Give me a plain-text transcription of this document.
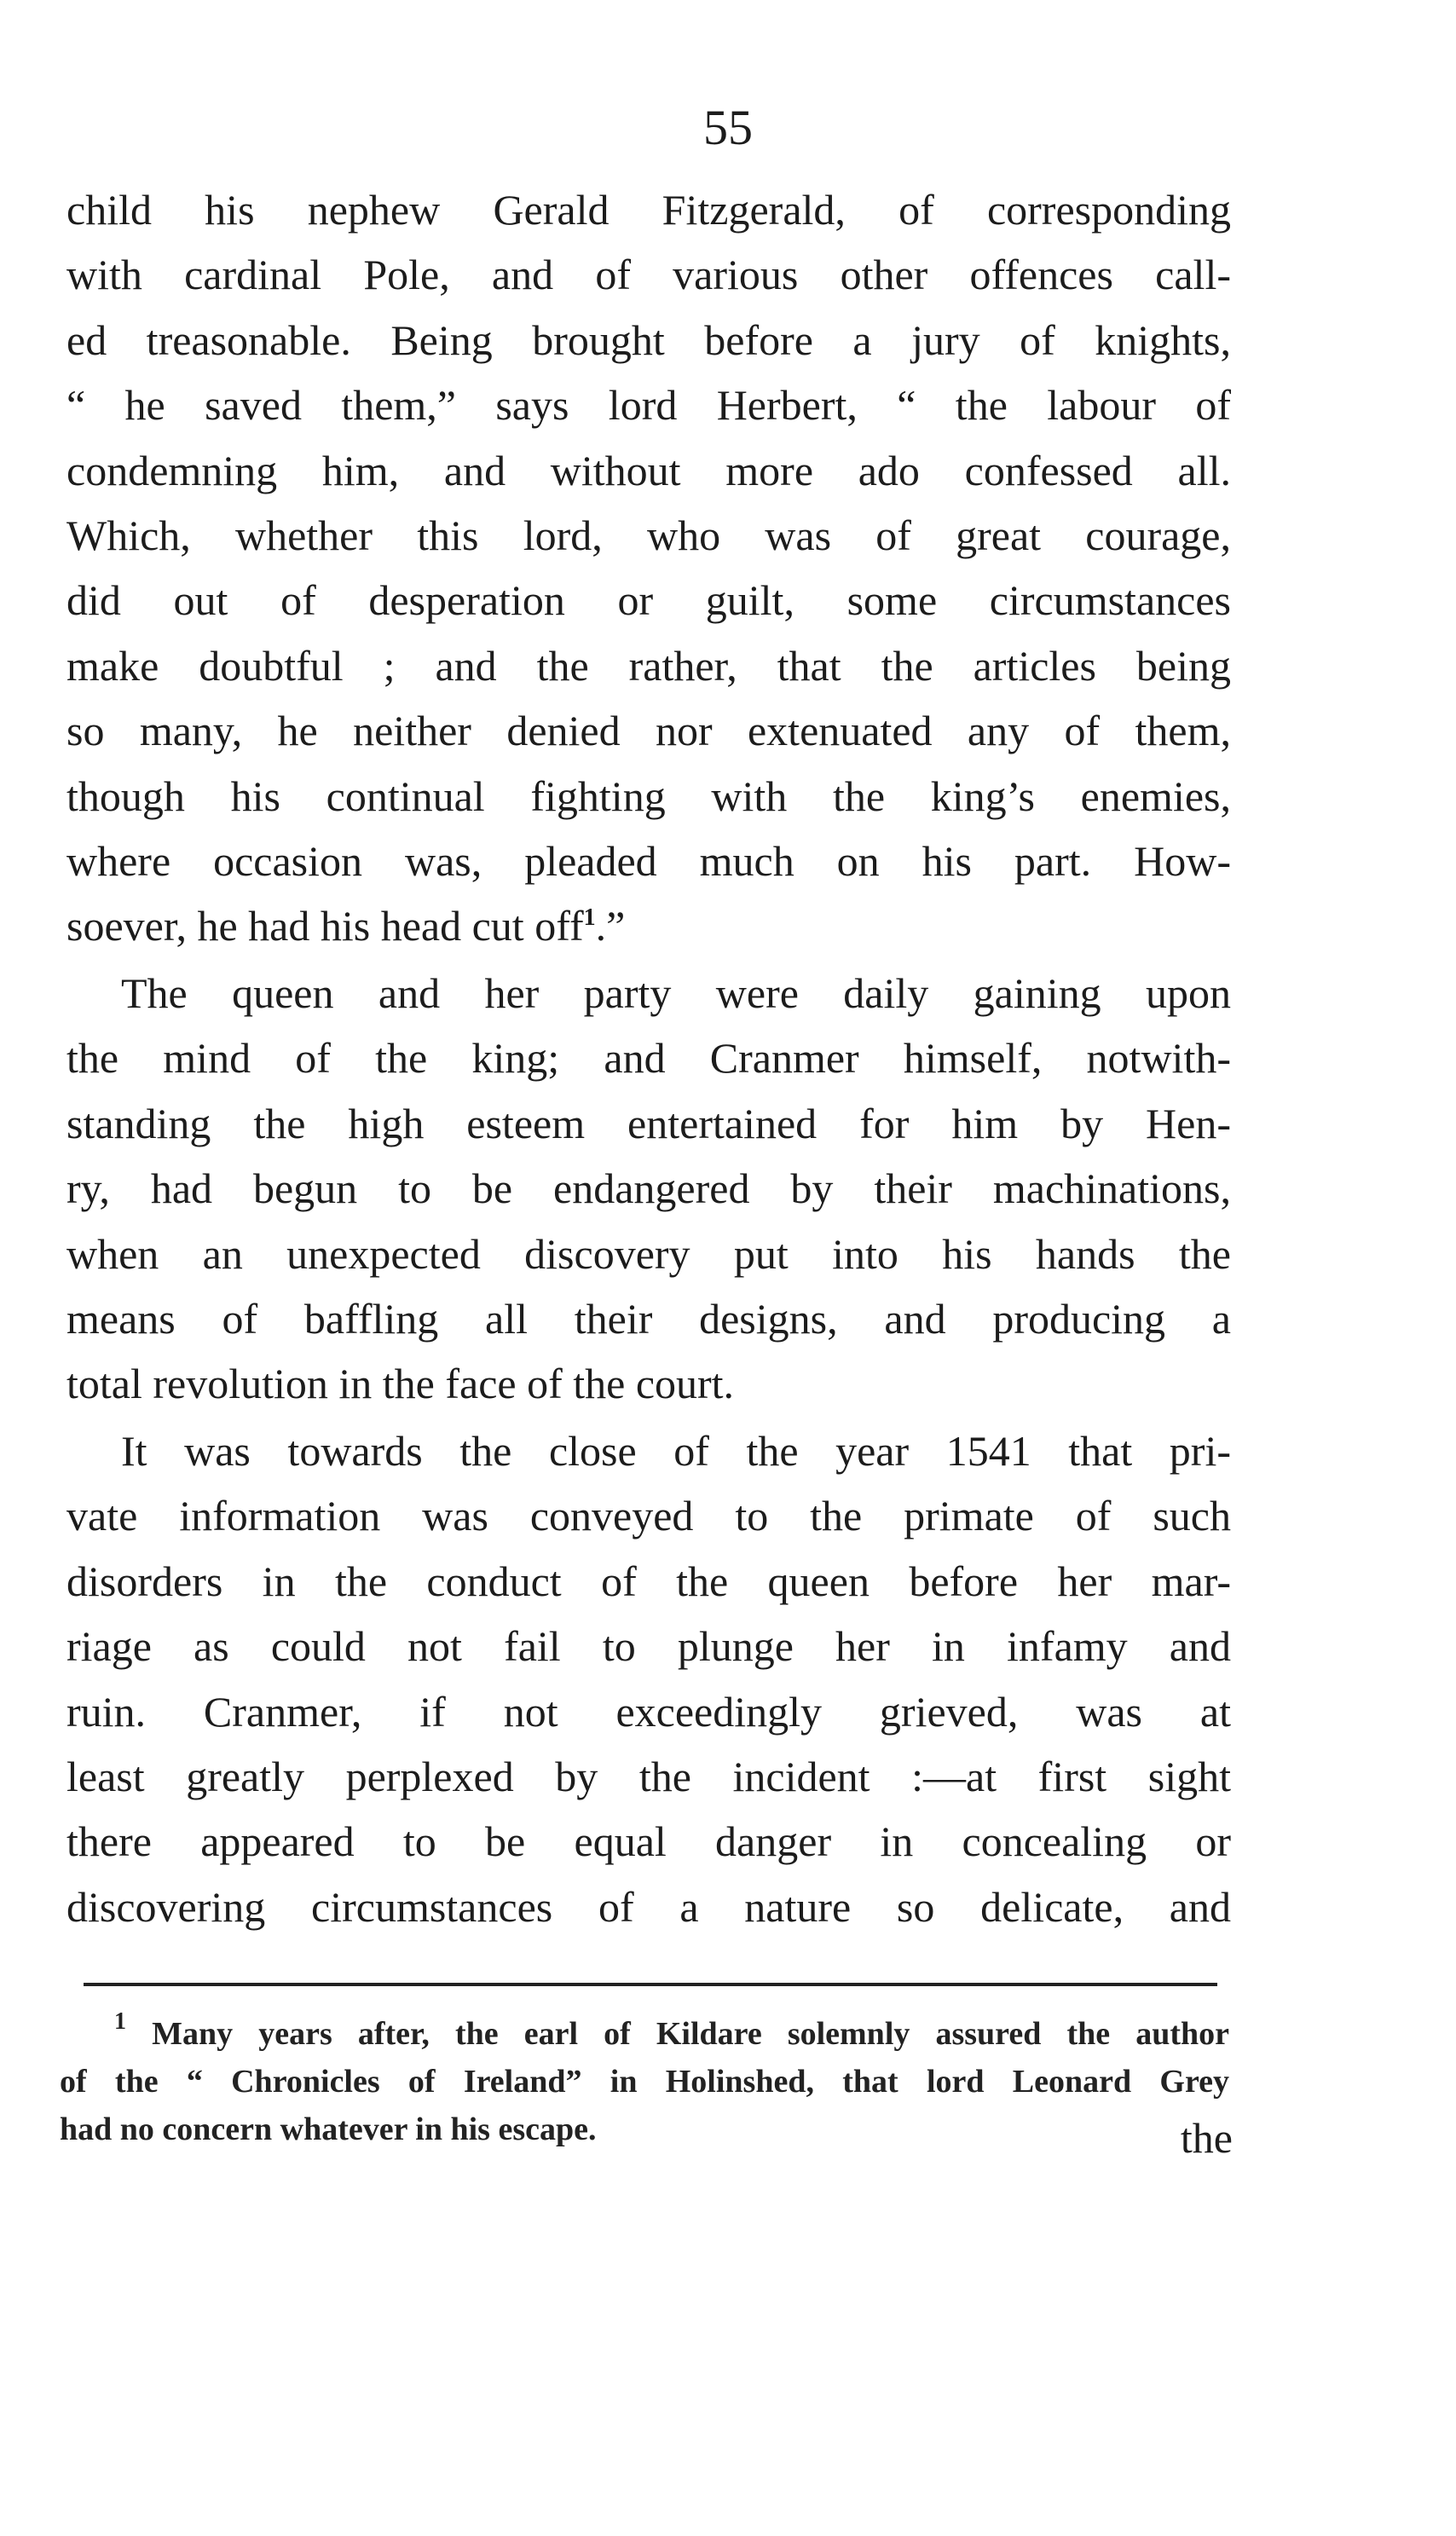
55
child his nephew Gerald Fitzgerald, of corresponding
with cardinal Pole, and of various other offences call-
ed treasonable. Being brought before a jury of knights,
“ he saved them,” says lord Herbert, “ the labour of
condemning him, and without more ado confessed all.
Which, whether this lord, who was of great courage,
did out of desperation or guilt, some circumstances
make doubtful ; and the rather, that the articles being
so many, he neither denied nor extenuated any of them,
though his continual fighting with the king’s enemies,
where occasion was, pleaded much on his part. How-
soever, he had his head cut off$^1$.”
The queen and her party were daily gaining upon
the mind of the king; and Cranmer himself, notwith-
standing the high esteem entertained for him by Hen-
ry, had begun to be endangered by their machinations,
when an unexpected discovery put into his hands the
means of baffling all their designs, and producing a
total revolution in the face of the court.
It was towards the close of the year 1541 that pri-
vate information was conveyed to the primate of such
disorders in the conduct of the queen before her mar-
riage as could not fail to plunge her in infamy and
ruin. Cranmer, if not exceedingly grieved, was at
least greatly perplexed by the incident :—at first sight
there appeared to be equal danger in concealing or
discovering circumstances of a nature so delicate, and
$^1$ Many years after, the earl of Kildare solemnly assured the author
of the “ Chronicles of Ireland” in Holinshed, that lord Leonard Grey
had no concern whatever in his escape.	the
